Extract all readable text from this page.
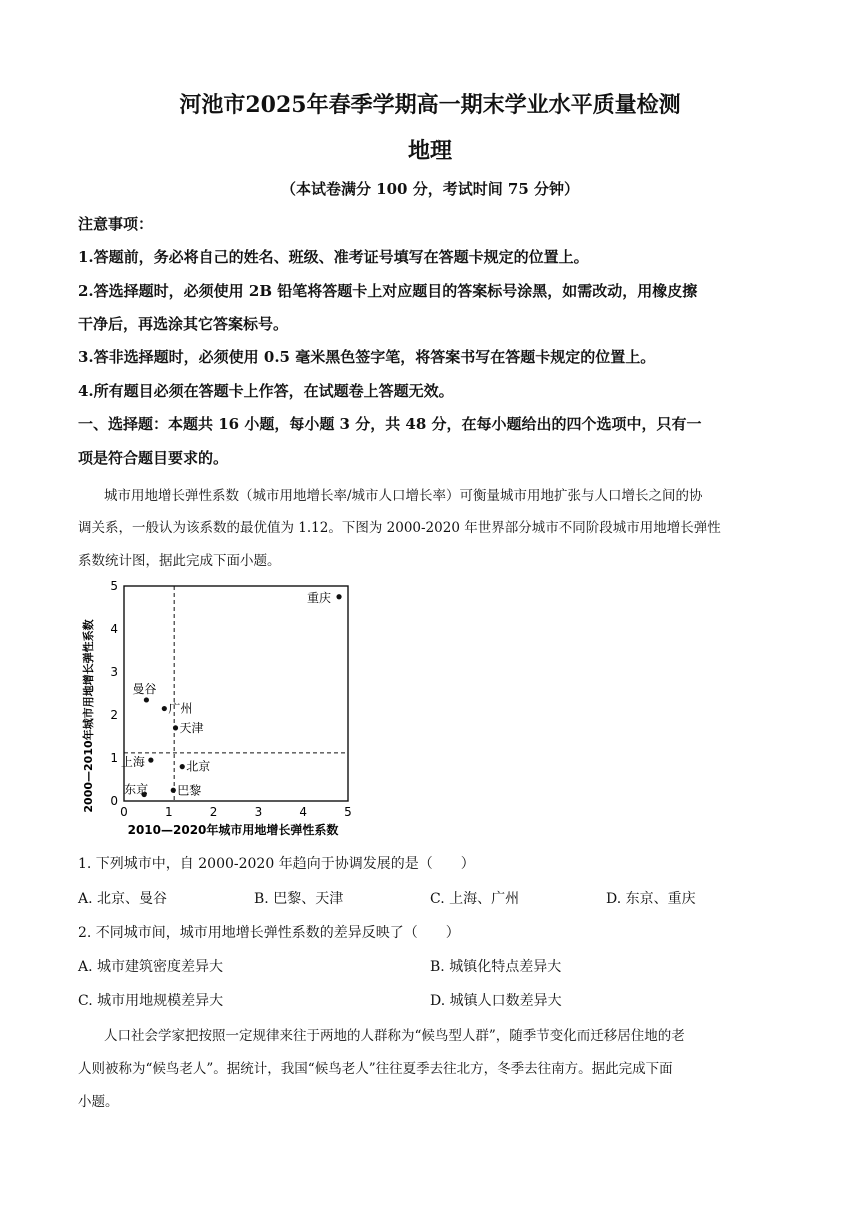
河池市2025年春季学期高一期末学业水平质量检测
地理
（本试卷满分 100 分，考试时间 75 分钟）
注意事项：
1.答题前，务必将自己的姓名、班级、准考证号填写在答题卡规定的位置上。
2.答选择题时，必须使用 2B 铅笔将答题卡上对应题目的答案标号涂黑，如需改动，用橡皮擦
干净后，再选涂其它答案标号。
3.答非选择题时，必须使用 0.5 毫米黑色签字笔，将答案书写在答题卡规定的位置上。
4.所有题目必须在答题卡上作答，在试题卷上答题无效。
一、选择题：本题共 16 小题，每小题 3 分，共 48 分，在每小题给出的四个选项中，只有一
项是符合题目要求的。
城市用地增长弹性系数（城市用地增长率/城市人口增长率）可衡量城市用地扩张与人口增长之间的协
调关系，一般认为该系数的最优值为 1.12。下图为 2000-2020 年世界部分城市不同阶段城市用地增长弹性
系数统计图，据此完成下面小题。
2000—2010年城市用地增长弹性系数
2010—2020年城市用地增长弹性系数
0	1	2	3	4	5
0
1
2
3
4
5
重庆
曼谷
广州
天津
上海	北京
东京 巴黎
1. 下列城市中，自 2000-2020 年趋向于协调发展的是（　　）
A. 北京、曼谷	B. 巴黎、天津	C. 上海、广州	D. 东京、重庆
2. 不同城市间，城市用地增长弹性系数的差异反映了（　　）
A. 城市建筑密度差异大	B. 城镇化特点差异大
C. 城市用地规模差异大	D. 城镇人口数差异大
人口社会学家把按照一定规律来往于两地的人群称为“候鸟型人群”，随季节变化而迁移居住地的老
人则被称为“候鸟老人”。据统计，我国“候鸟老人”往往夏季去往北方，冬季去往南方。据此完成下面
小题。
